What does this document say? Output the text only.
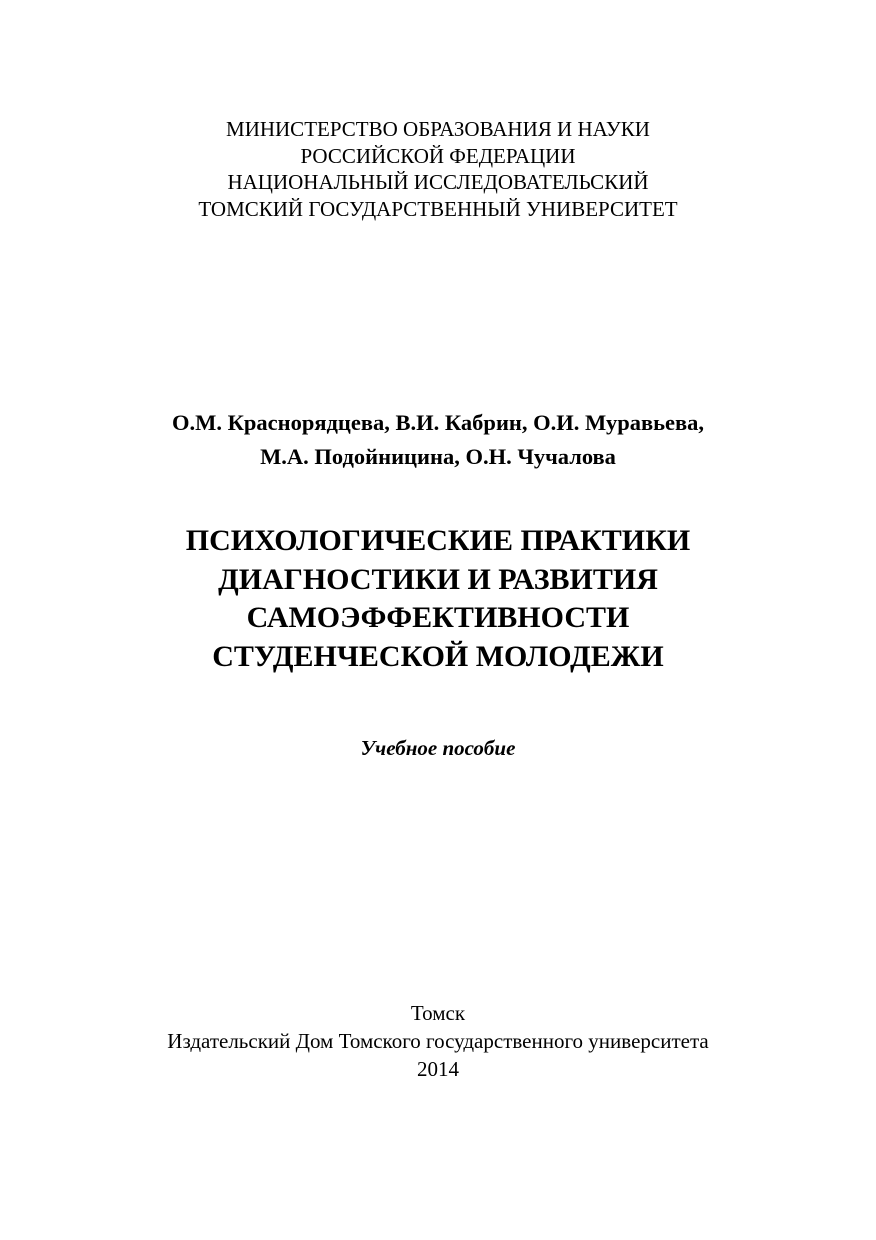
МИНИСТЕРСТВО ОБРАЗОВАНИЯ И НАУКИ
РОССИЙСКОЙ ФЕДЕРАЦИИ
НАЦИОНАЛЬНЫЙ ИССЛЕДОВАТЕЛЬСКИЙ
ТОМСКИЙ ГОСУДАРСТВЕННЫЙ УНИВЕРСИТЕТ
О.М. Краснорядцева, В.И. Кабрин, О.И. Муравьева,
М.А. Подойницина, О.Н. Чучалова
ПСИХОЛОГИЧЕСКИЕ ПРАКТИКИ
ДИАГНОСТИКИ И РАЗВИТИЯ
САМОЭФФЕКТИВНОСТИ
СТУДЕНЧЕСКОЙ МОЛОДЕЖИ
Учебное пособие
Томск
Издательский Дом Томского государственного университета
2014
